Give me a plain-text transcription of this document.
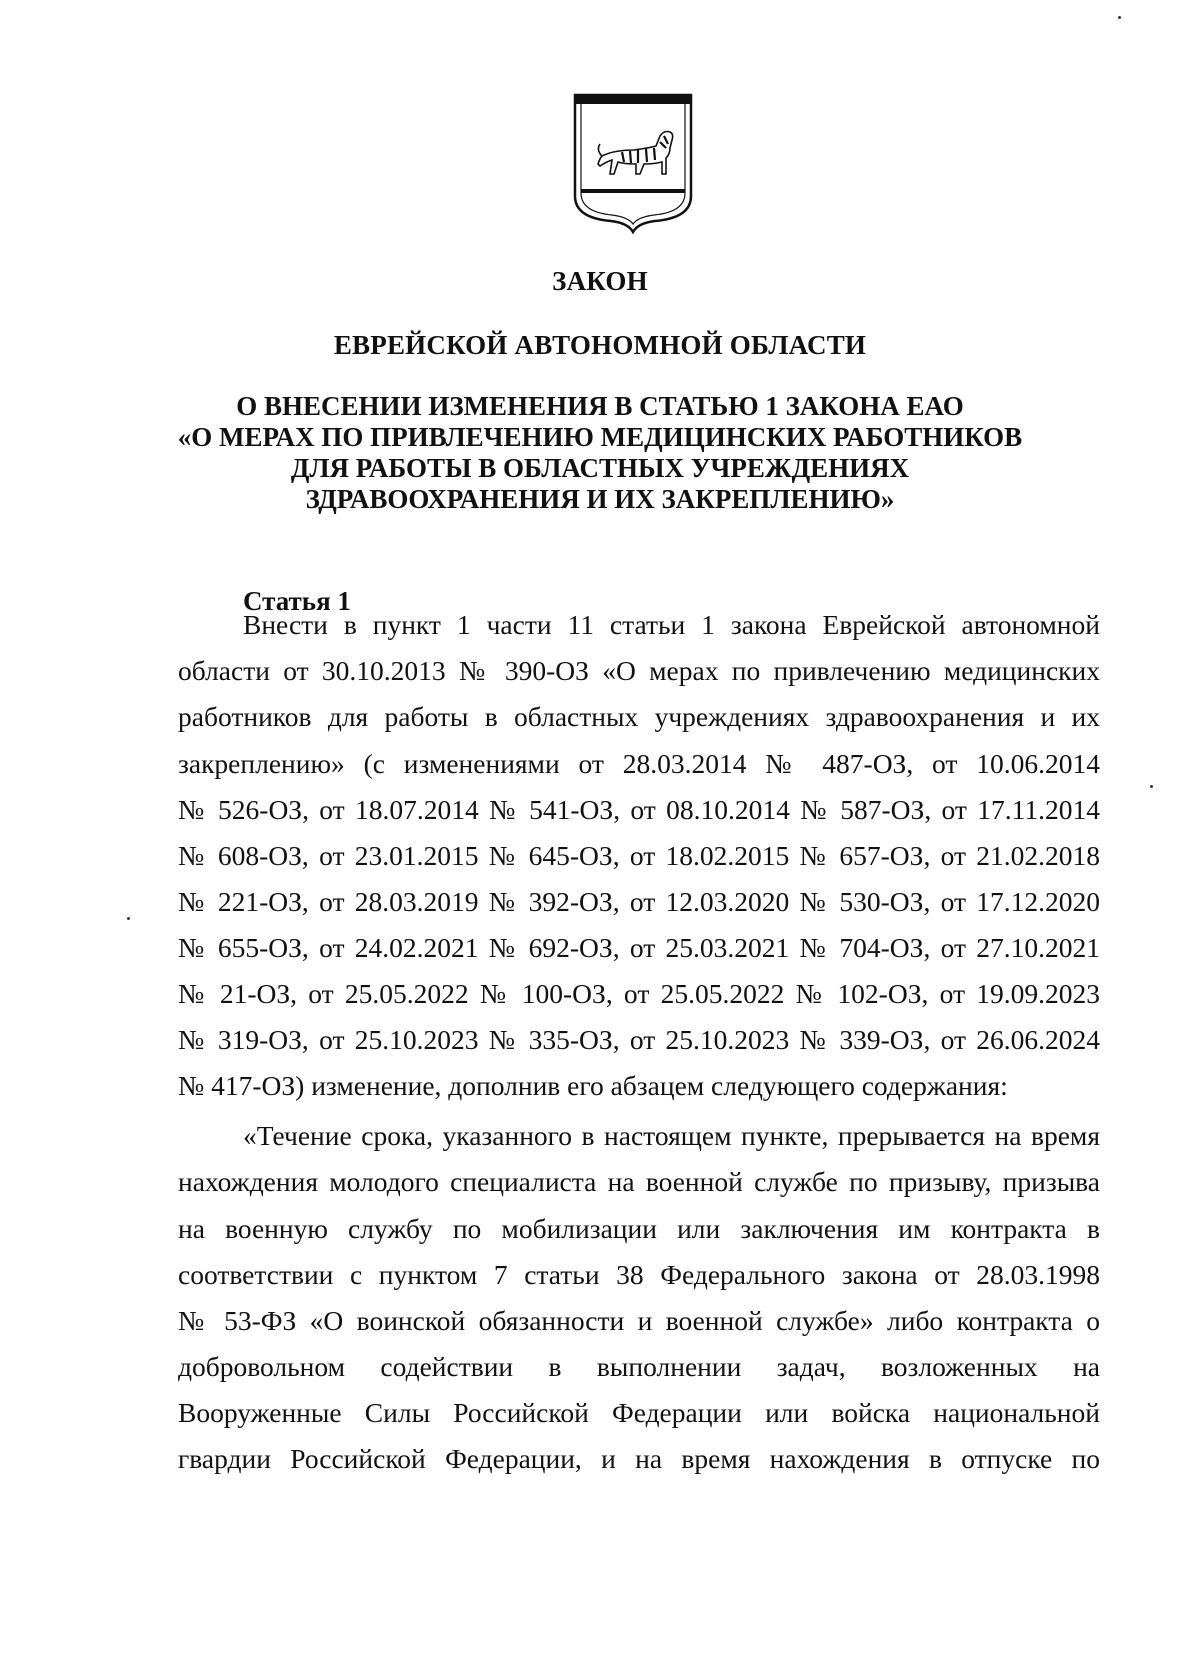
ЗАКОН
ЕВРЕЙСКОЙ АВТОНОМНОЙ ОБЛАСТИ
О ВНЕСЕНИИ ИЗМЕНЕНИЯ В СТАТЬЮ 1 ЗАКОНА ЕАО
«О МЕРАХ ПО ПРИВЛЕЧЕНИЮ МЕДИЦИНСКИХ РАБОТНИКОВ
ДЛЯ РАБОТЫ В ОБЛАСТНЫХ УЧРЕЖДЕНИЯХ
ЗДРАВООХРАНЕНИЯ И ИХ ЗАКРЕПЛЕНИЮ»
Статья 1
Внести в пункт 1 части 11 статьи 1 закона Еврейской автономной
области от 30.10.2013 № 390-ОЗ «О мерах по привлечению медицинских
работников для работы в областных учреждениях здравоохранения и их
закреплению» (с изменениями от 28.03.2014 № 487-ОЗ, от 10.06.2014
№ 526-ОЗ, от 18.07.2014 № 541-ОЗ, от 08.10.2014 № 587-ОЗ, от 17.11.2014
№ 608-ОЗ, от 23.01.2015 № 645-ОЗ, от 18.02.2015 № 657-ОЗ, от 21.02.2018
№ 221-ОЗ, от 28.03.2019 № 392-ОЗ, от 12.03.2020 № 530-ОЗ, от 17.12.2020
№ 655-ОЗ, от 24.02.2021 № 692-ОЗ, от 25.03.2021 № 704-ОЗ, от 27.10.2021
№ 21-ОЗ, от 25.05.2022 № 100-ОЗ, от 25.05.2022 № 102-ОЗ, от 19.09.2023
№ 319-ОЗ, от 25.10.2023 № 335-ОЗ, от 25.10.2023 № 339-ОЗ, от 26.06.2024
№ 417-ОЗ) изменение, дополнив его абзацем следующего содержания:
«Течение срока, указанного в настоящем пункте, прерывается на время
нахождения молодого специалиста на военной службе по призыву, призыва
на военную службу по мобилизации или заключения им контракта в
соответствии с пунктом 7 статьи 38 Федерального закона от 28.03.1998
№ 53-ФЗ «О воинской обязанности и военной службе» либо контракта о
добровольном содействии в выполнении задач, возложенных на
Вооруженные Силы Российской Федерации или войска национальной
гвардии Российской Федерации, и на время нахождения в отпуске по
